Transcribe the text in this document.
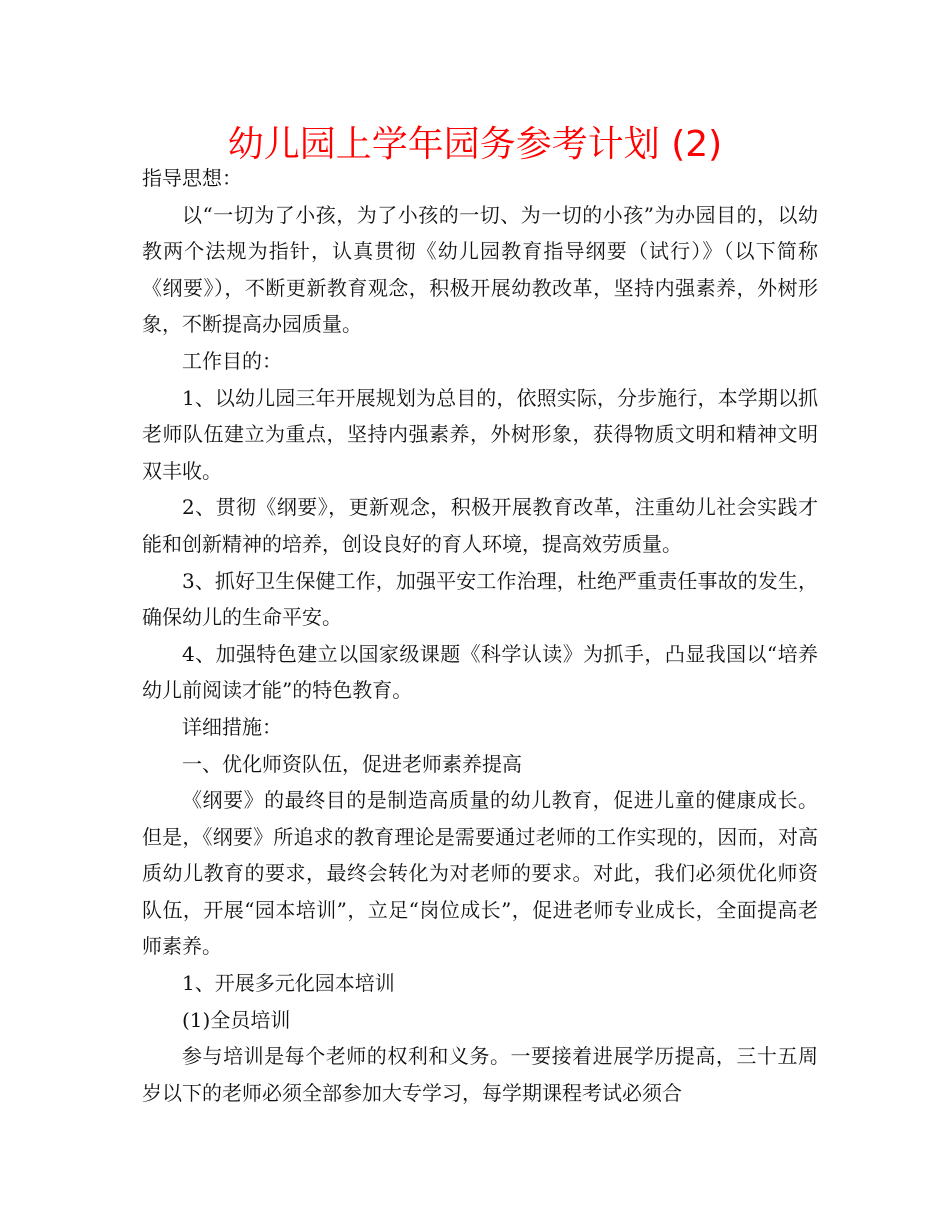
幼儿园上学年园务参考计划 (2)

指导思想：

以“一切为了小孩，为了小孩的一切、为一切的小孩”为办园目的，以幼教两个法规为指针，认真贯彻《幼儿园教育指导纲要（试行）》（以下简称《纲要》），不断更新教育观念，积极开展幼教改革，坚持内强素养，外树形象，不断提高办园质量。

工作目的：

1、以幼儿园三年开展规划为总目的，依照实际，分步施行，本学期以抓老师队伍建立为重点，坚持内强素养，外树形象，获得物质文明和精神文明双丰收。

2、贯彻《纲要》，更新观念，积极开展教育改革，注重幼儿社会实践才能和创新精神的培养，创设良好的育人环境，提高效劳质量。

3、抓好卫生保健工作，加强平安工作治理，杜绝严重责任事故的发生，确保幼儿的生命平安。

4、加强特色建立以国家级课题《科学认读》为抓手，凸显我国以“培养幼儿前阅读才能”的特色教育。

详细措施：

一、优化师资队伍，促进老师素养提高

《纲要》的最终目的是制造高质量的幼儿教育，促进儿童的健康成长。但是，《纲要》所追求的教育理论是需要通过老师的工作实现的，因而，对高质幼儿教育的要求，最终会转化为对老师的要求。对此，我们必须优化师资队伍，开展“园本培训”，立足“岗位成长”，促进老师专业成长，全面提高老师素养。

1、开展多元化园本培训

(1)全员培训

参与培训是每个老师的权利和义务。一要接着进展学历提高，三十五周岁以下的老师必须全部参加大专学习，每学期课程考试必须合
